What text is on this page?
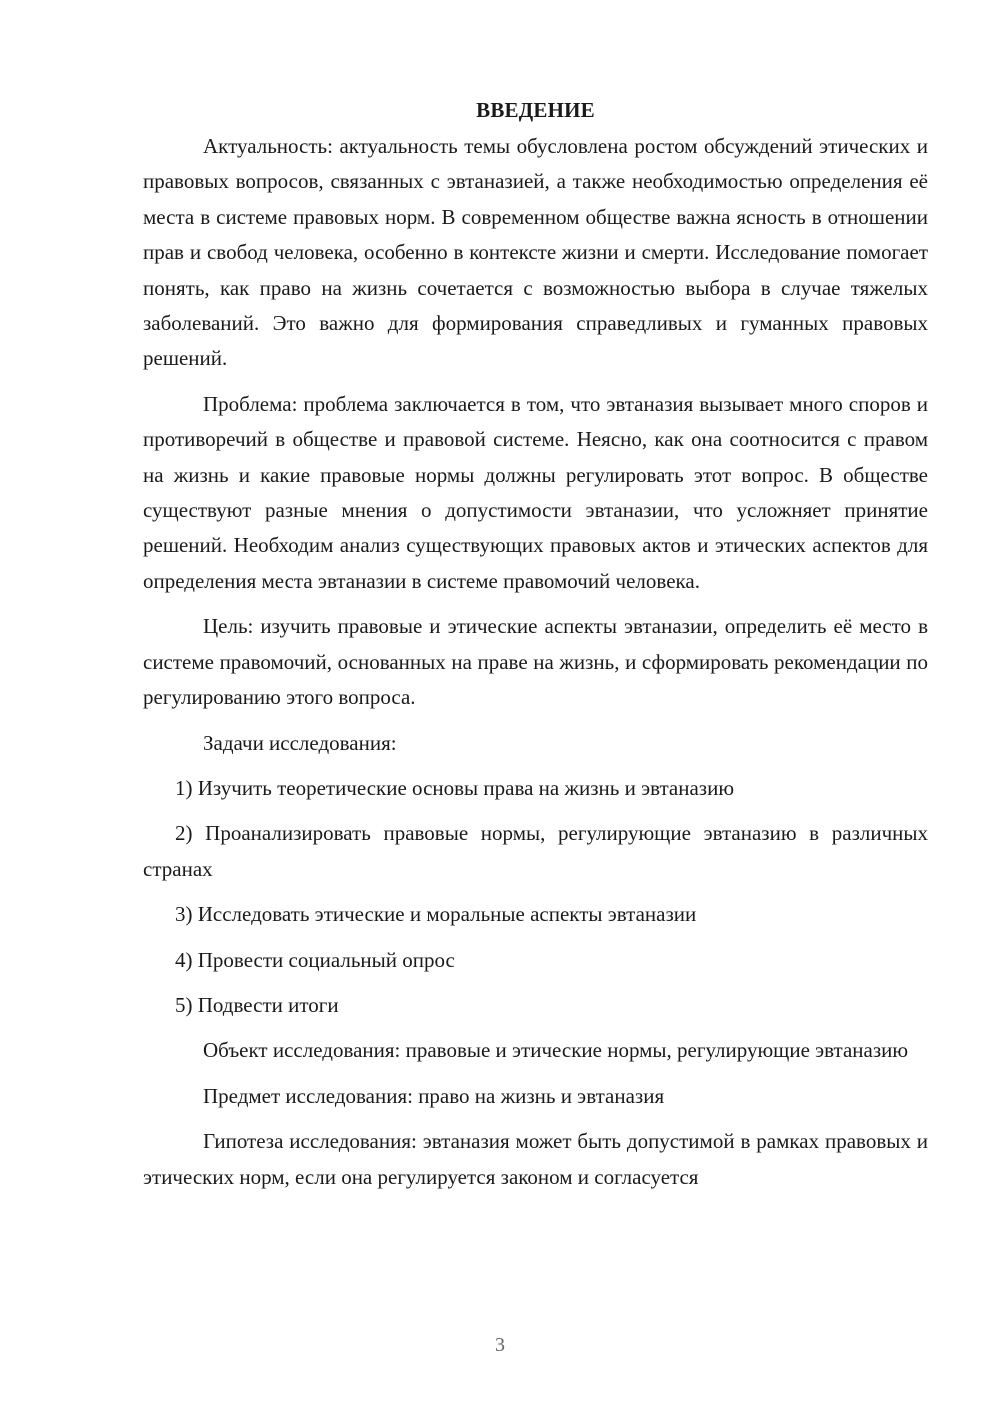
ВВЕДЕНИЕ

Актуальность: актуальность темы обусловлена ростом обсуждений этических и правовых вопросов, связанных с эвтаназией, а также необходимостью определения её места в системе правовых норм. В современном обществе важна ясность в отношении прав и свобод человека, особенно в контексте жизни и смерти. Исследование помогает понять, как право на жизнь сочетается с возможностью выбора в случае тяжелых заболеваний. Это важно для формирования справедливых и гуманных правовых решений.

Проблема: проблема заключается в том, что эвтаназия вызывает много споров и противоречий в обществе и правовой системе. Неясно, как она соотносится с правом на жизнь и какие правовые нормы должны регулировать этот вопрос. В обществе существуют разные мнения о допустимости эвтаназии, что усложняет принятие решений. Необходим анализ существующих правовых актов и этических аспектов для определения места эвтаназии в системе правомочий человека.

Цель: изучить правовые и этические аспекты эвтаназии, определить её место в системе правомочий, основанных на праве на жизнь, и сформировать рекомендации по регулированию этого вопроса.

Задачи исследования:

1) Изучить теоретические основы права на жизнь и эвтаназию

2) Проанализировать правовые нормы, регулирующие эвтаназию в различных странах

3) Исследовать этические и моральные аспекты эвтаназии

4) Провести социальный опрос

5) Подвести итоги

Объект исследования: правовые и этические нормы, регулирующие эвтаназию

Предмет исследования: право на жизнь и эвтаназия

Гипотеза исследования: эвтаназия может быть допустимой в рамках правовых и этических норм, если она регулируется законом и согласуется

3
